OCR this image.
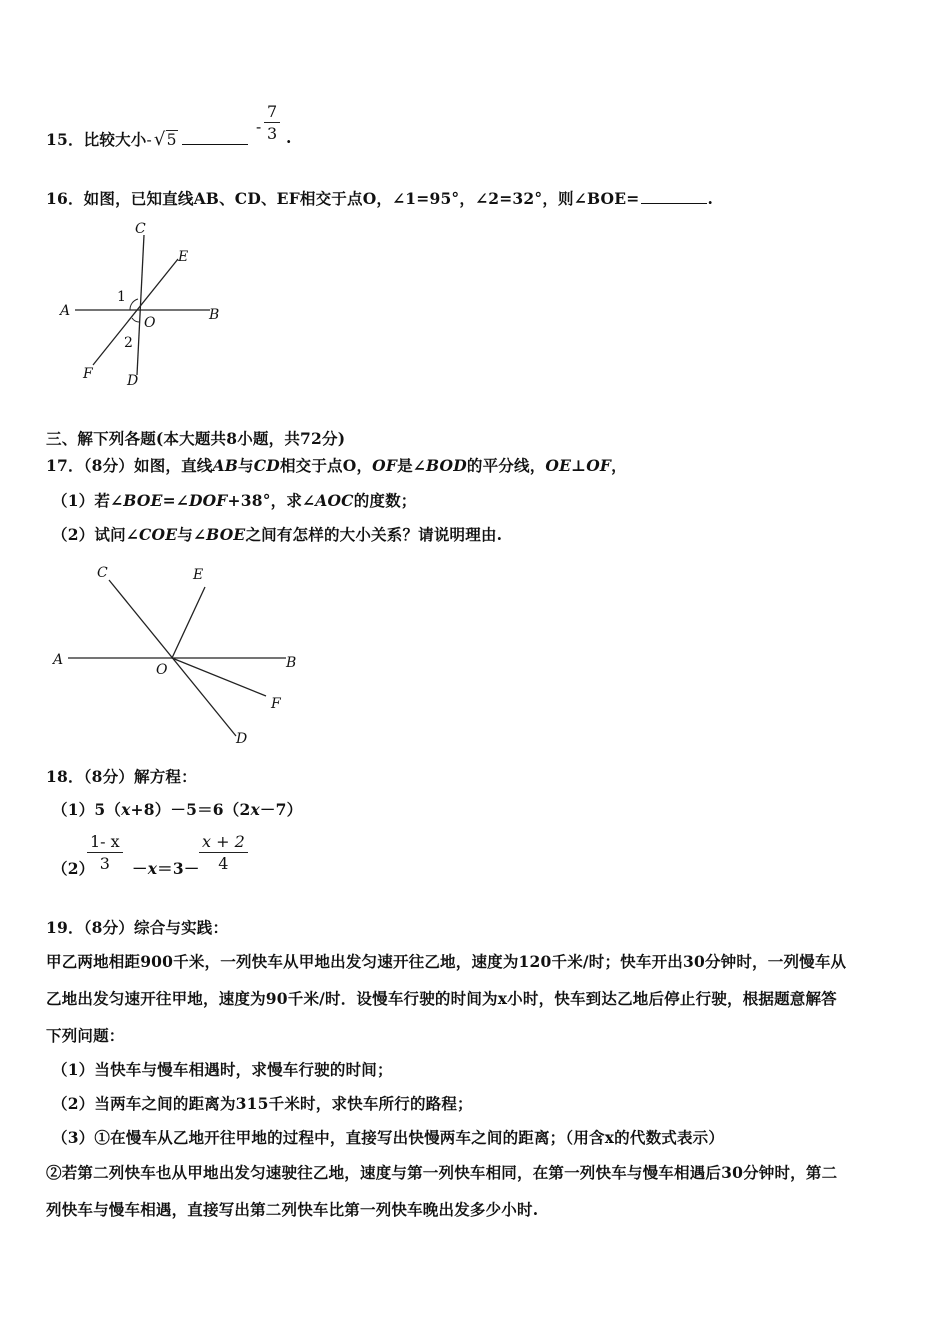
15．比较大小- √5
-
7
3 .
16．如图，已知直线AB、CD、EF相交于点O，∠1=95°，∠2=32°，则∠BOE=	.
C
E
A	B
O
F D
1
2
三、解下列各题(本大题共8小题，共72分)
17．（8分）如图，直线AB与CD相交于点O，OF是∠BOD的平分线，OE⊥OF，
（1）若∠BOE=∠DOF+38°，求∠AOC的度数；
（2）试问∠COE与∠BOE之间有怎样的大小关系？请说明理由.
C	E
A	B
O
F
D
18．（8分）解方程：
（1）5（x+8）－5＝6（2x－7）
（2）
1- x
3	－x＝3－
x + 2
4
19．（8分）综合与实践：
甲乙两地相距900千米，一列快车从甲地出发匀速开往乙地，速度为120千米/时；快车开出30分钟时，一列慢车从
乙地出发匀速开往甲地，速度为90千米/时．设慢车行驶的时间为x小时，快车到达乙地后停止行驶，根据题意解答
下列问题：
（1）当快车与慢车相遇时，求慢车行驶的时间；
（2）当两车之间的距离为315千米时，求快车所行的路程；
（3）①在慢车从乙地开往甲地的过程中，直接写出快慢两车之间的距离；（用含x的代数式表示）
②若第二列快车也从甲地出发匀速驶往乙地，速度与第一列快车相同，在第一列快车与慢车相遇后30分钟时，第二
列快车与慢车相遇，直接写出第二列快车比第一列快车晚出发多少小时.
